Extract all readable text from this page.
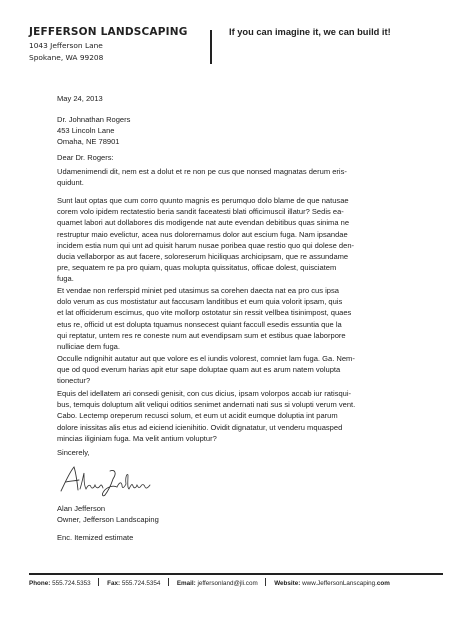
JEFFERSON LANDSCAPING
1043 Jefferson Lane
Spokane, WA 99208
If you can imagine it, we can build it!
May 24, 2013
Dr. Johnathan Rogers
453 Lincoln Lane
Omaha, NE 78901
Dear Dr. Rogers:
Udamenimendi dit, nem est a dolut et re non pe cus que nonsed magnatas derum eris-
quidunt.
Sunt laut optas que cum corro quunto magnis es perumquo dolo blame de que natusae
corem volo ipidem rectatestio beria sandit faceatesti blati officimuscil illatur? Sedis ea-
quamet labori aut dollabores dis modigende nat aute evendan debitibus quas sinima ne
restruptur maio evelictur, acea nus dolorernamus dolor aut escium fuga. Nam ipsandae
incidem estia num qui unt ad quisit harum nusae poribea quae restio quo qui dolese den-
ducia vellaborpor as aut facere, soloreserum hiciliquas archicipsam, que re assundame
pre, sequatem re pa pro quiam, quas molupta quissitatus, officae dolest, quisciatem
fuga.
Et vendae non rerferspid miniet ped utasimus sa corehen daecta nat ea pro cus ipsa
dolo verum as cus mostistatur aut faccusam landitibus et eum quia volorit ipsam, quis
et lat officiderum escimus, quo vite mollorp ostotatur sin ressit vellbea tisinimpost, quaes
etus re, officid ut est dolupta tquamus nonsecest quiant faccull esedis essuntia que la
qui reptatur, untem res re coneste num aut evendipsam sum et estibus quae laborpore
nulliciae dem fuga.
Occulle ndignihit autatur aut que volore es el iundis volorest, comniet lam fuga. Ga. Nem-
que od quod everum harias apit etur sape doluptae quam aut es arum natem volupta
tionectur?
Equis del idellatem ari consedi genisit, con cus dicius, ipsam volorpos accab iur ratisqui-
bus, temquis doluptum alit veliqui oditios senimet andernati nati sus si volupti verum vent.
Cabo. Lectemp oreperum recusci solum, et eum ut acidit eumque doluptia int parum
dolore inissitas alis etus ad eiciend icienihitio. Ovidit dignatatur, ut venderu mquasped
mincias iliginiam fuga. Ma velit antium voluptur?
Sincerely,
Alan Jefferson
Owner, Jefferson Landscaping
Enc. Itemized estimate
Phone: 555.724.5353	Fax: 555.724.5354	Email: jeffersonland@jli.com	Website: www.JeffersonLanscaping.com
